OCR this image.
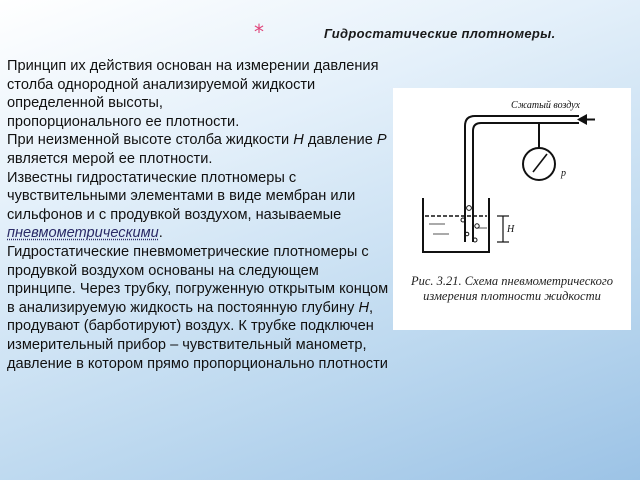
*	Гидростатические плотномеры.

Принцип их действия основан на измерении давления столба однородной анализируемой жидкости определенной высоты,

пропорционального ее плотности.

При неизменной высоте столба жидкости Н давление Р является мерой ее плотности.

Известны гидростатические плотномеры с чувствительными элементами в виде мембран или сильфонов и с продувкой воздухом, называемые пневмометрическими.

Гидростатические пневмометрические плотномеры с продувкой воздухом основаны на следующем принципе. Через трубку, погруженную открытым концом в анализируемую жидкость на постоянную глубину Н, продувают (барботируют) воздух. К трубке подключен измерительный прибор – чувствительный манометр, давление в котором прямо пропорционально плотности

Сжатый воздух
p
H
Рис. 3.21. Схема пневмометрического измерения плотности жидкости
